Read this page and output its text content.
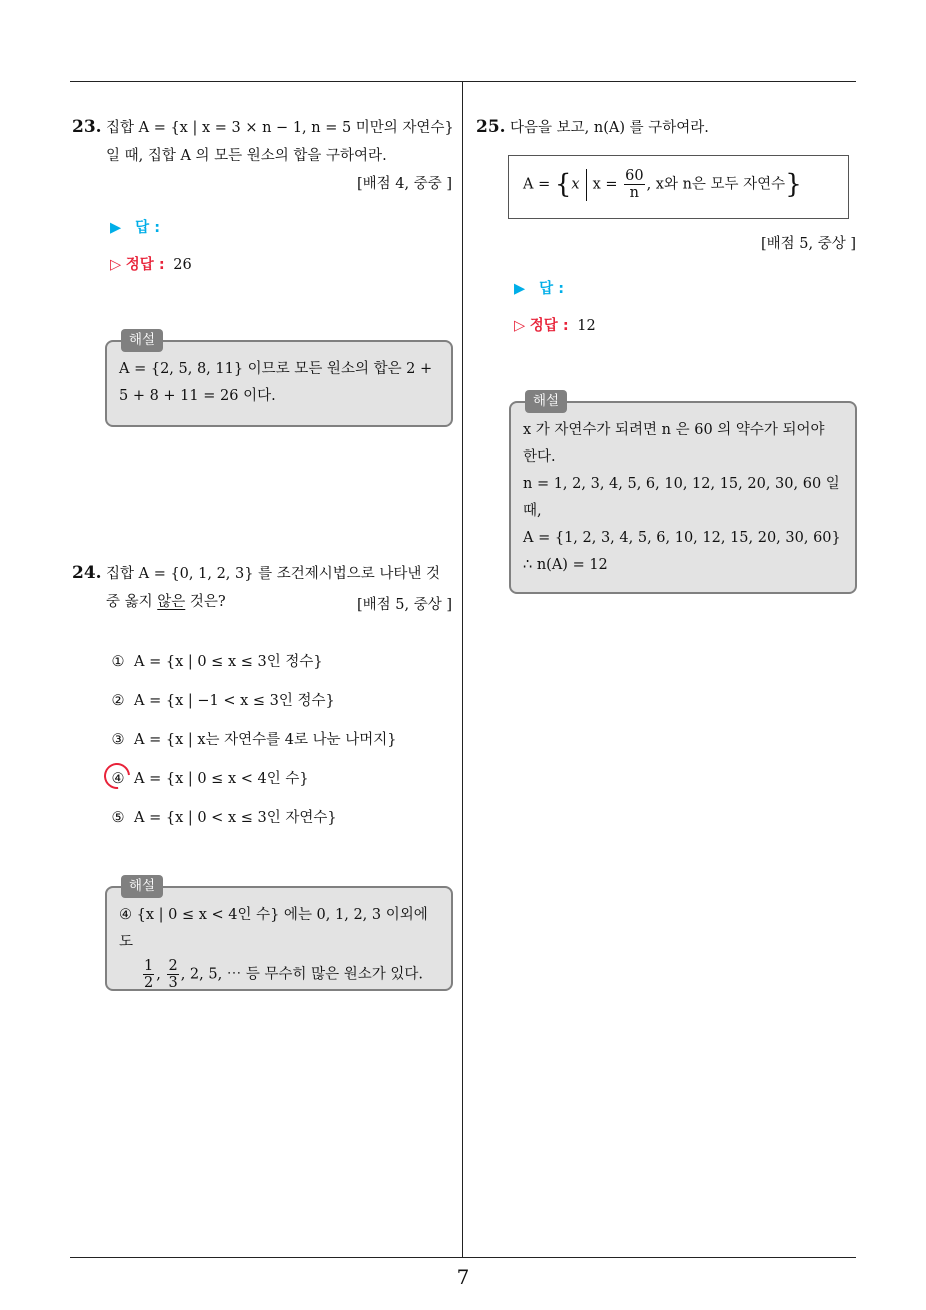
7
23. 집합 A = {x | x = 3 × n − 1, n = 5 미만의 자연수}
일 때, 집합 A 의 모든 원소의 합을 구하여라.
[배점 4, 중중 ]
▶ 답 :
▷ 정답 : 26
해설
A = {2, 5, 8, 11} 이므로 모든 원소의 합은 2 +
5 + 8 + 11 = 26 이다.
24. 집합 A = {0, 1, 2, 3} 를 조건제시법으로 나타낸 것
중 옳지 않은 것은?	[배점 5, 중상 ]
① A = {x | 0 ≤ x ≤ 3인 정수}
② A = {x | −1 < x ≤ 3인 정수}
③ A = {x | x는 자연수를 4로 나눈 나머지}
④ A = {x | 0 ≤ x < 4인 수}
⑤ A = {x | 0 < x ≤ 3인 자연수}
해설
④ {x | 0 ≤ x < 4인 수} 에는 0, 1, 2, 3 이외에도
$\frac{1}{2}$ , $\frac{2}{3}$ , 2, 5, ⋯ 등 무수히 많은 원소가 있다.
25. 다음을 보고, n(A) 를 구하여라.
A = {x $x = \frac{60}{n}$ , x와 n은 모두 자연수}
[배점 5, 중상 ]
▶ 답 :
▷ 정답 : 12
해설
x 가 자연수가 되려면 n 은 60 의 약수가 되어야
한다.
n = 1, 2, 3, 4, 5, 6, 10, 12, 15, 20, 30, 60 일
때,
A = {1, 2, 3, 4, 5, 6, 10, 12, 15, 20, 30, 60}
∴ n(A) = 12
